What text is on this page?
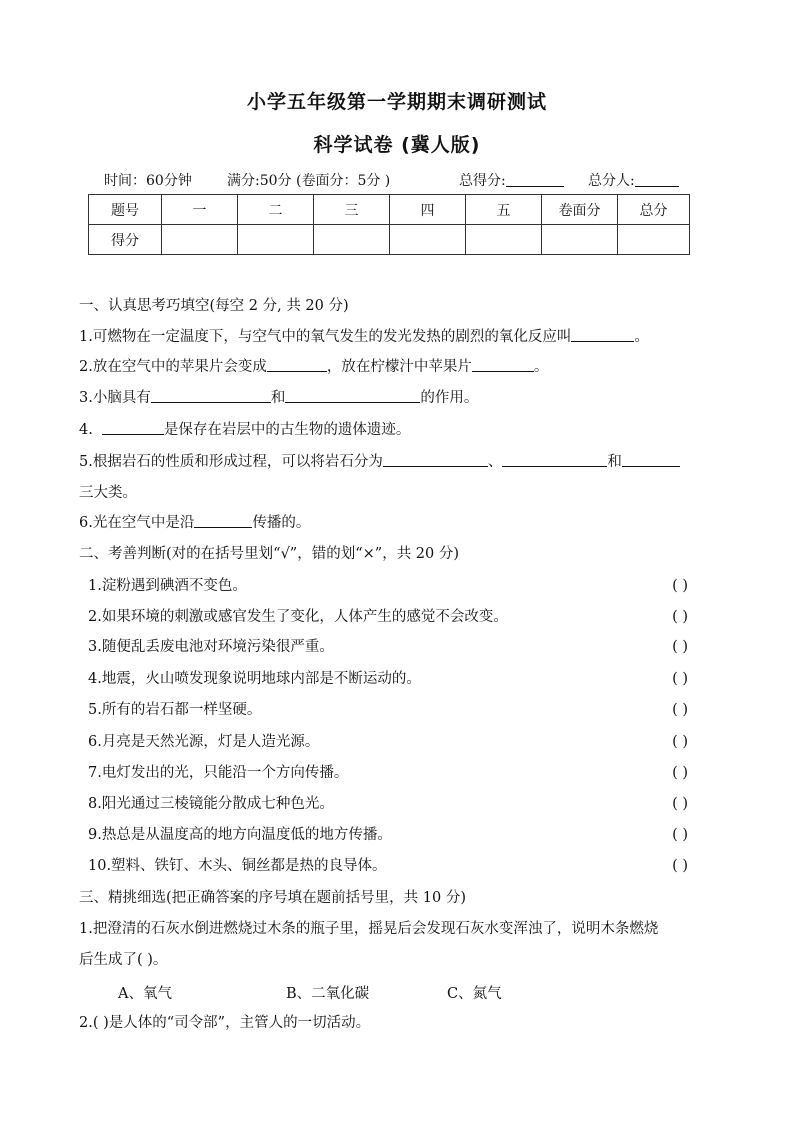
小学五年级第一学期期末调研测试
科学试卷 (冀人版)
时间：60分钟	满分:50分 (卷面分：5分 )	总得分:	总分人:
题号	一	二	三	四	五	卷面分	总分
得分							
一、认真思考巧填空(每空 2 分, 共 20 分)
1.可燃物在一定温度下，与空气中的氧气发生的发光发热的剧烈的氧化反应叫	。
2.放在空气中的苹果片会变成	，放在柠檬汁中苹果片	。
3.小脑具有	和	的作用。
4.	是保存在岩层中的古生物的遗体遗迹。
5.根据岩石的性质和形成过程，可以将岩石分为	、	和
三大类。
6.光在空气中是沿	传播的。
二、考善判断(对的在括号里划“√”，错的划“×”，共 20 分)
1.淀粉遇到碘酒不变色。	( )
2.如果环境的刺激或感官发生了变化，人体产生的感觉不会改变。	( )
3.随便乱丢废电池对环境污染很严重。	( )
4.地震，火山喷发现象说明地球内部是不断运动的。	( )
5.所有的岩石都一样坚硬。	( )
6.月亮是天然光源，灯是人造光源。	( )
7.电灯发出的光，只能沿一个方向传播。	( )
8.阳光通过三棱镜能分散成七种色光。	( )
9.热总是从温度高的地方向温度低的地方传播。	( )
10.塑料、铁钉、木头、铜丝都是热的良导体。	( )
三、精挑细选(把正确答案的序号填在题前括号里，共 10 分)
1.把澄清的石灰水倒进燃烧过木条的瓶子里，摇晃后会发现石灰水变浑浊了，说明木条燃烧
后生成了( )。
A、氧气	B、二氧化碳	C、氮气
2.( )是人体的“司令部”，主管人的一切活动。
